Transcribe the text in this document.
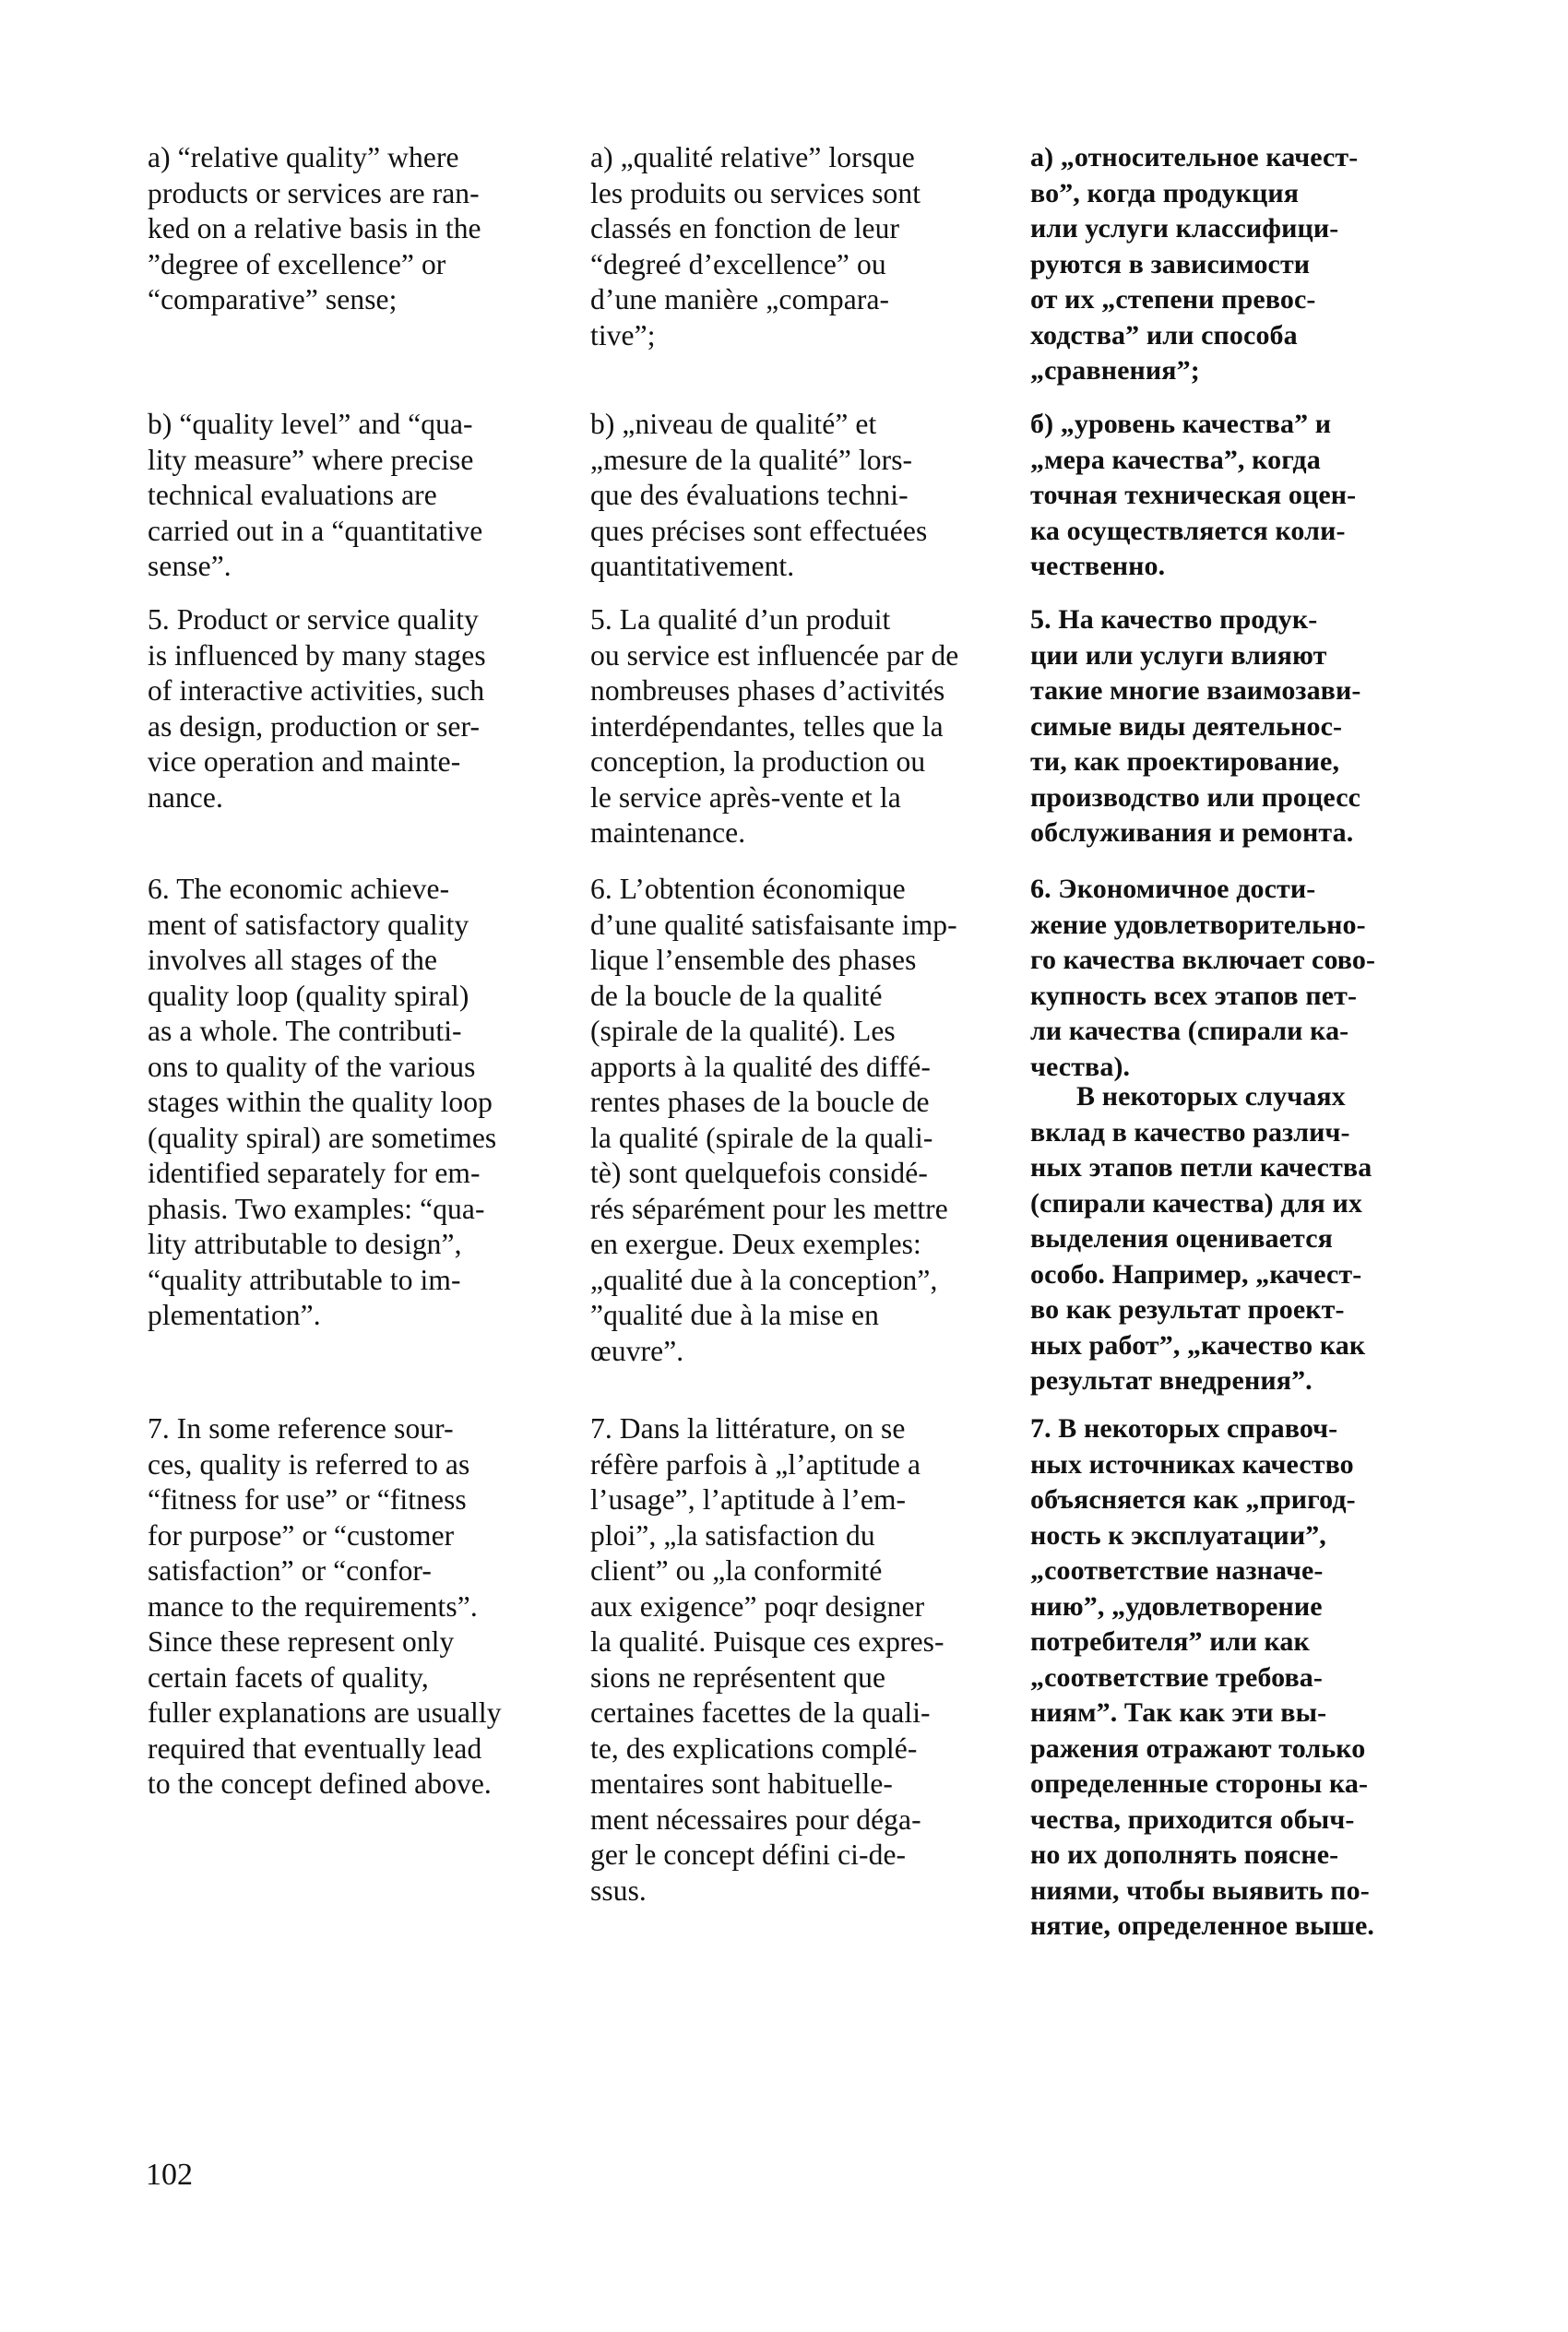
a) “relative quality” where
products or services are ran-
ked on a relative basis in the
”degree of excellence” or
“comparative” sense;
b) “quality level” and “qua-
lity measure” where precise
technical evaluations are
carried out in a “quantitative
sense”.
5. Product or service quality
is influenced by many stages
of interactive activities, such
as design, production or ser-
vice operation and mainte-
nance.
6. The economic achieve-
ment of satisfactory quality
involves all stages of the
quality loop (quality spiral)
as a whole. The contributi-
ons to quality of the various
stages within the quality loop
(quality spiral) are sometimes
identified separately for em-
phasis. Two examples: “qua-
lity attributable to design”,
“quality attributable to im-
plementation”.
7. In some reference sour-
ces, quality is referred to as
“fitness for use” or “fitness
for purpose” or “customer
satisfaction” or “confor-
mance to the requirements”.
Since these represent only
certain facets of quality,
fuller explanations are usually
required that eventually lead
to the concept defined above.
a) „qualité relative” lorsque
les produits ou services sont
classés en fonction de leur
“degreé d’excellence” ou
d’une manière „compara-
tive”;
b) „niveau de qualité” et
„mesure de la qualité” lors-
que des évaluations techni-
ques précises sont effectuées
quantitativement.
5. La qualité d’un produit
ou service est influencée par de
nombreuses phases d’activités
interdépendantes, telles que la
conception, la production ou
le service après-vente et la
maintenance.
6. L’obtention économique
d’une qualité satisfaisante imp-
lique l’ensemble des phases
de la boucle de la qualité
(spirale de la qualité). Les
apports à la qualité des diffé-
rentes phases de la boucle de
la qualité (spirale de la quali-
tè) sont quelquefois considé-
rés séparément pour les mettre
en exergue. Deux exemples:
„qualité due à la conception”,
”qualité due à la mise en
œuvre”.
7. Dans la littérature, on se
réfère parfois à „l’aptitude a
l’usage”, l’aptitude à l’em-
ploi”, „la satisfaction du
client” ou „la conformité
aux exigence” poqr designer
la qualité. Puisque ces expres-
sions ne représentent que
certaines facettes de la quali-
te, des explications complé-
mentaires sont habituelle-
ment nécessaires pour déga-
ger le concept défini ci-de-
ssus.
а) „относительное качест-
во”, когда продукция
или услуги классифици-
руются в зависимости
от их „степени превос-
ходства” или способа
„сравнения”;
б) „уровень качества” и
„мера качества”, когда
точная техническая оцен-
ка осуществляется коли-
чественно.
5. На качество продук-
ции или услуги влияют
такие многие взаимозави-
симые виды деятельнос-
ти, как проектирование,
производство или процесс
обслуживания и ремонта.
6. Экономичное дости-
жение удовлетворительно-
го качества включает сово-
купность всех этапов пет-
ли качества (спирали ка-
чества).
В некоторых случаях
вклад в качество различ-
ных этапов петли качества
(спирали качества) для их
выделения оценивается
особо. Например, „качест-
во как результат проект-
ных работ”, „качество как
результат внедрения”.
7. В некоторых справоч-
ных источниках качество
объясняется как „пригод-
ность к эксплуатации”,
„соответствие назначе-
нию”, „удовлетворение
потребителя” или как
„соответствие требова-
ниям”. Так как эти вы-
ражения отражают только
определенные стороны ка-
чества, приходится обыч-
но их дополнять поясне-
ниями, чтобы выявить по-
нятие, определенное выше.
102
